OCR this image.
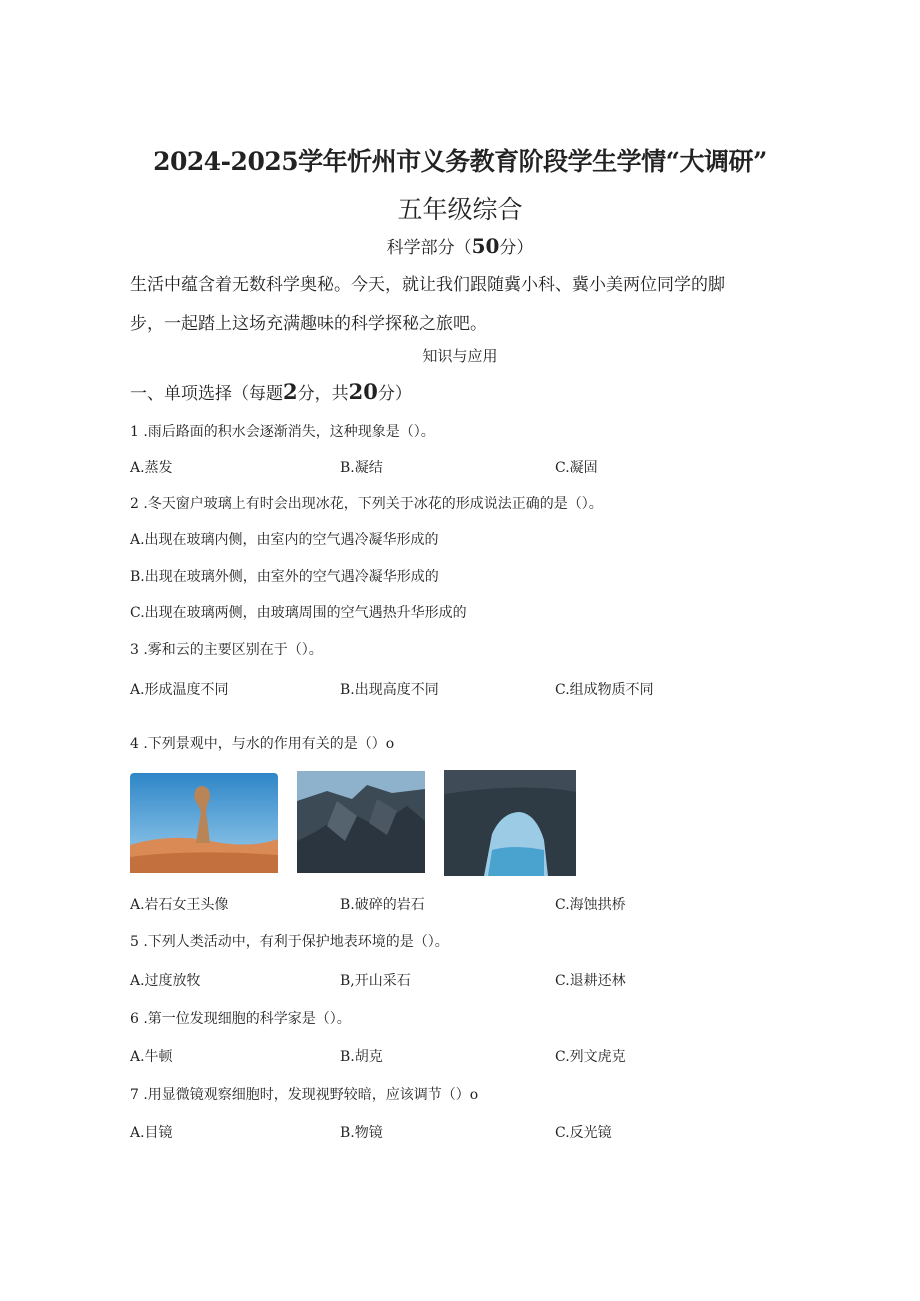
2024-2025学年忻州市义务教育阶段学生学情“大调研”
五年级综合
科学部分（50分）
生活中蕴含着无数科学奥秘。今天，就让我们跟随冀小科、冀小美两位同学的脚
步，一起踏上这场充满趣味的科学探秘之旅吧。
知识与应用
一、单项选择（每题2分，共20分）
1 .雨后路面的积水会逐渐消失，这种现象是（）。
A.蒸发	B.凝结	C.凝固
2 .冬天窗户玻璃上有时会出现冰花，下列关于冰花的形成说法正确的是（）。
A.出现在玻璃内侧，由室内的空气遇冷凝华形成的
B.出现在玻璃外侧，由室外的空气遇冷凝华形成的
C.出现在玻璃两侧，由玻璃周围的空气遇热升华形成的
3 .雾和云的主要区别在于（）。
A.形成温度不同	B.出现高度不同	C.组成物质不同
4 .下列景观中，与水的作用有关的是（）o
A.岩石女王头像	B.破碎的岩石	C.海蚀拱桥
5 .下列人类活动中，有利于保护地表环境的是（）。
A.过度放牧	B,开山采石	C.退耕还林
6 .第一位发现细胞的科学家是（）。
A.牛顿	B.胡克	C.列文虎克
7 .用显微镜观察细胞时，发现视野较暗，应该调节（）o
A.目镜	B.物镜	C.反光镜
